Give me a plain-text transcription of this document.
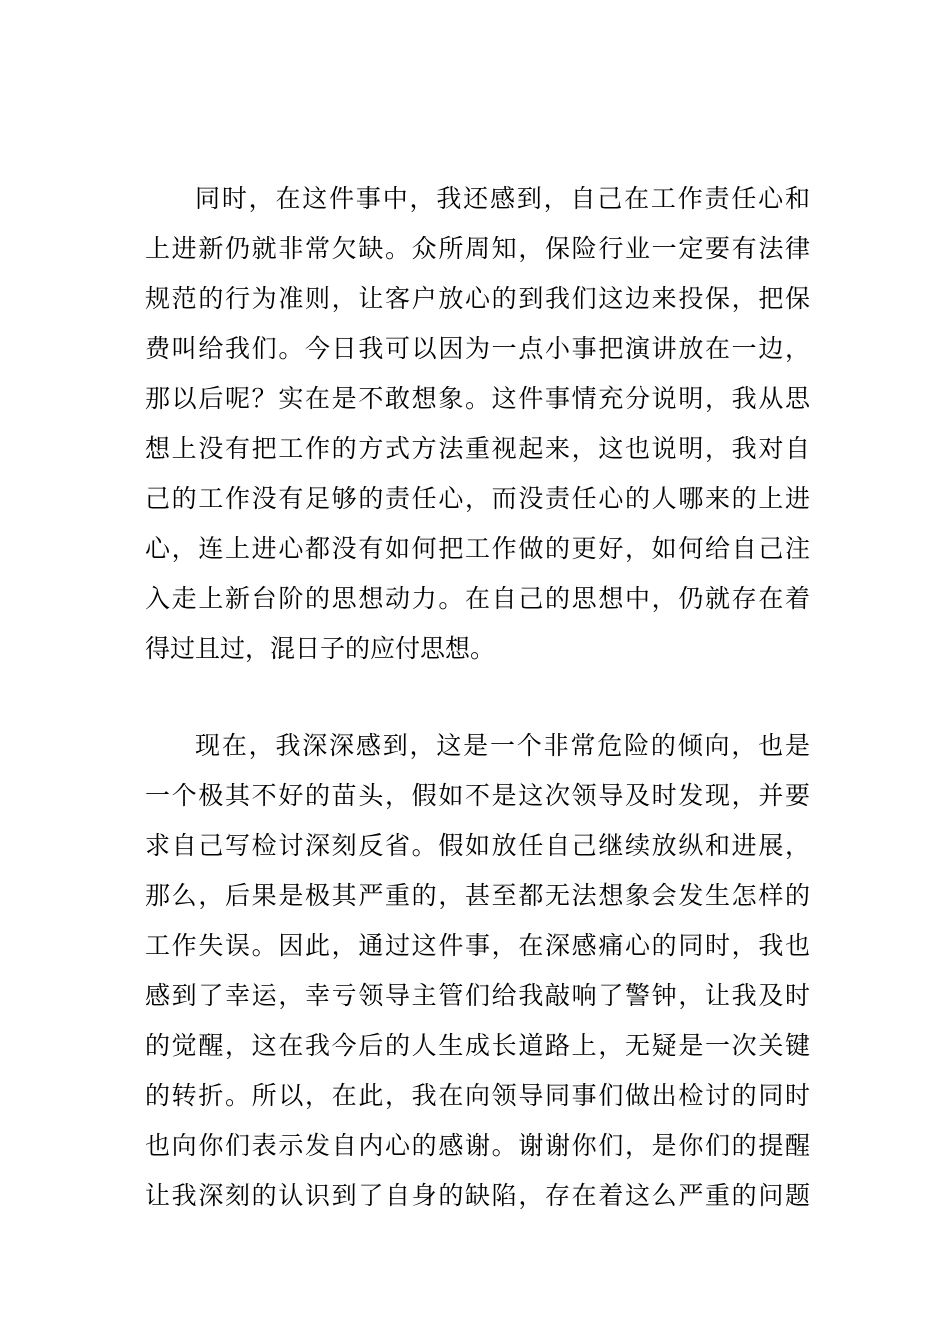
同时，在这件事中，我还感到，自己在工作责任心和
上进新仍就非常欠缺。众所周知，保险行业一定要有法律
规范的行为准则，让客户放心的到我们这边来投保，把保
费叫给我们。今日我可以因为一点小事把演讲放在一边，
那以后呢？实在是不敢想象。这件事情充分说明，我从思
想上没有把工作的方式方法重视起来，这也说明，我对自
己的工作没有足够的责任心，而没责任心的人哪来的上进
心，连上进心都没有如何把工作做的更好，如何给自己注
入走上新台阶的思想动力。在自己的思想中，仍就存在着
得过且过，混日子的应付思想。
现在，我深深感到，这是一个非常危险的倾向，也是
一个极其不好的苗头，假如不是这次领导及时发现，并要
求自己写检讨深刻反省。假如放任自己继续放纵和进展，
那么，后果是极其严重的，甚至都无法想象会发生怎样的
工作失误。因此，通过这件事，在深感痛心的同时，我也
感到了幸运，幸亏领导主管们给我敲响了警钟，让我及时
的觉醒，这在我今后的人生成长道路上，无疑是一次关键
的转折。所以，在此，我在向领导同事们做出检讨的同时
也向你们表示发自内心的感谢。谢谢你们，是你们的提醒
让我深刻的认识到了自身的缺陷，存在着这么严重的问题
